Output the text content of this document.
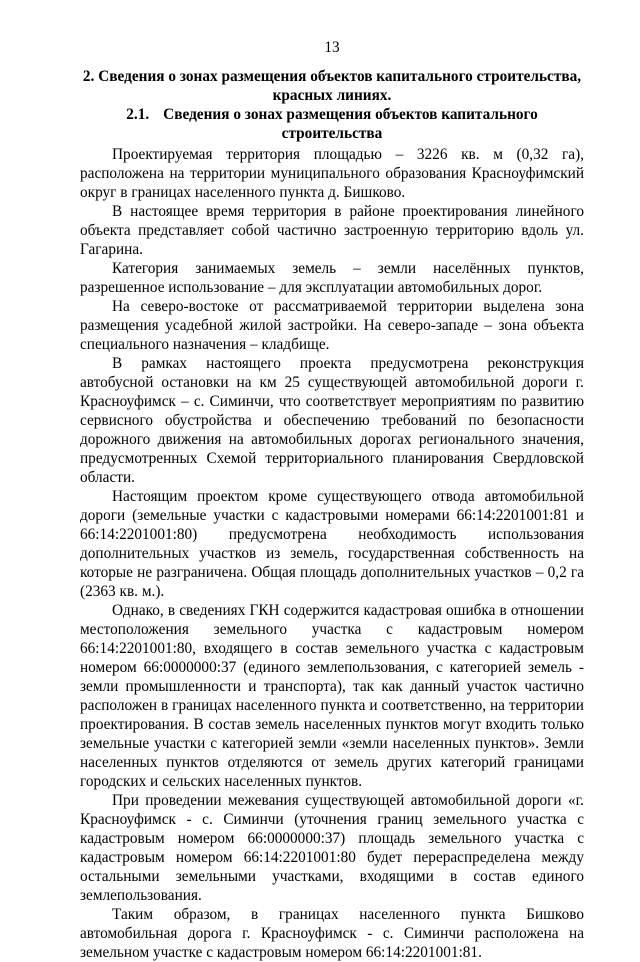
13
2. Сведения о зонах размещения объектов капитального строительства, красных линиях.
2.1. Сведения о зонах размещения объектов капитального строительства

Проектируемая территория площадью – 3226 кв. м (0,32 га), расположена на территории муниципального образования Красноуфимский округ в границах населенного пункта д. Бишково.

В настоящее время территория в районе проектирования линейного объекта представляет собой частично застроенную территорию вдоль ул. Гагарина.

Категория занимаемых земель – земли населённых пунктов, разрешенное использование – для эксплуатации автомобильных дорог.

На северо-востоке от рассматриваемой территории выделена зона размещения усадебной жилой застройки. На северо-западе – зона объекта специального назначения – кладбище.

В рамках настоящего проекта предусмотрена реконструкция автобусной остановки на км 25 существующей автомобильной дороги г. Красноуфимск – с. Симинчи, что соответствует мероприятиям по развитию сервисного обустройства и обеспечению требований по безопасности дорожного движения на автомобильных дорогах регионального значения, предусмотренных Схемой территориального планирования Свердловской области.

Настоящим проектом кроме существующего отвода автомобильной дороги (земельные участки с кадастровыми номерами 66:14:2201001:81 и 66:14:2201001:80) предусмотрена необходимость использования дополнительных участков из земель, государственная собственность на которые не разграничена. Общая площадь дополнительных участков – 0,2 га (2363 кв. м.).

Однако, в сведениях ГКН содержится кадастровая ошибка в отношении местоположения земельного участка с кадастровым номером 66:14:2201001:80, входящего в состав земельного участка с кадастровым номером 66:0000000:37 (единого землепользования, с категорией земель - земли промышленности и транспорта), так как данный участок частично расположен в границах населенного пункта и соответственно, на территории проектирования. В состав земель населенных пунктов могут входить только земельные участки с категорией земли «земли населенных пунктов». Земли населенных пунктов отделяются от земель других категорий границами городских и сельских населенных пунктов.

При проведении межевания существующей автомобильной дороги «г. Красноуфимск - с. Симинчи (уточнения границ земельного участка с кадастровым номером 66:0000000:37) площадь земельного участка с кадастровым номером 66:14:2201001:80 будет перераспределена между остальными земельными участками, входящими в состав единого землепользования.

Таким образом, в границах населенного пункта Бишково автомобильная дорога г. Красноуфимск - с. Симинчи расположена на земельном участке с кадастровым номером 66:14:2201001:81.
